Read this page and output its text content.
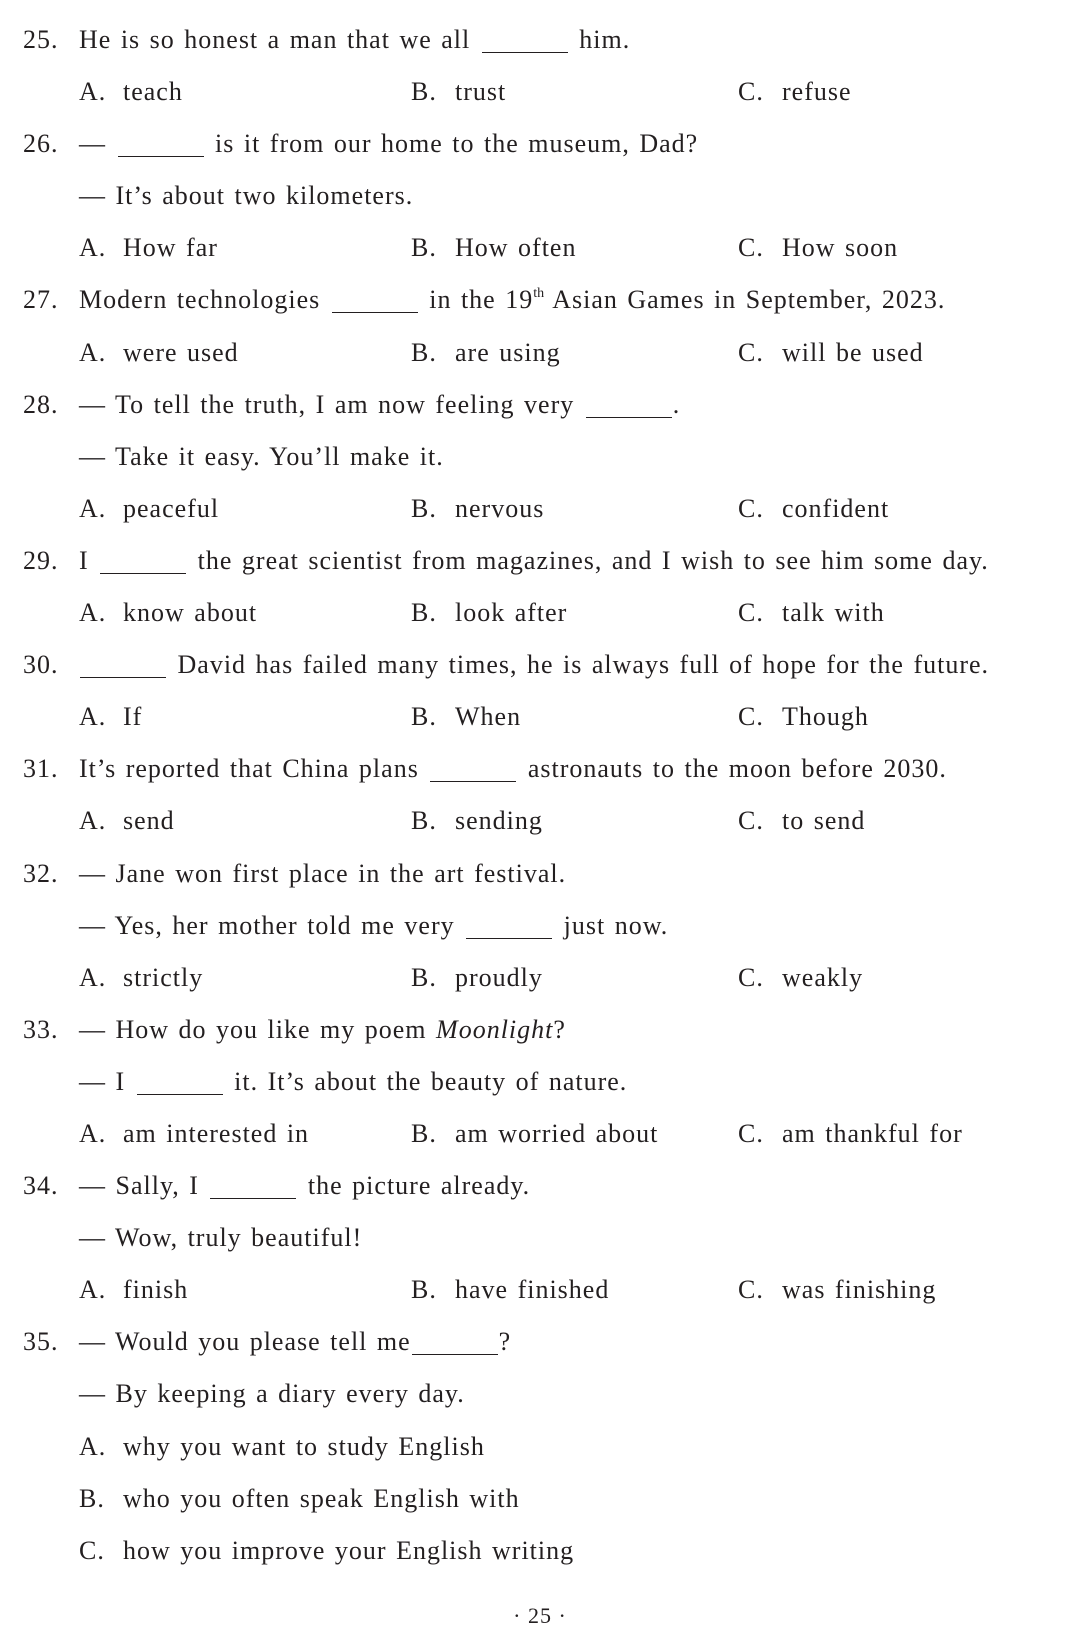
25. He is so honest a man that we all	him.
A. teach	B. trust	C. refuse
26. —	is it from our home to the museum, Dad?
— It’s about two kilometers.
A. How far	B. How often	C. How soon
27. Modern technologies	in the 19th Asian Games in September, 2023.
A. were used	B. are using	C. will be used
28. — To tell the truth, I am now feeling very	.
— Take it easy. You’ll make it.
A. peaceful	B. nervous	C. confident
29. I	the great scientist from magazines, and I wish to see him some day.
A. know about	B. look after	C. talk with
30.	David has failed many times, he is always full of hope for the future.
A. If	B. When	C. Though
31. It’s reported that China plans	astronauts to the moon before 2030.
A. send	B. sending	C. to send
32. — Jane won first place in the art festival.
— Yes, her mother told me very	just now.
A. strictly	B. proudly	C. weakly
33. — How do you like my poem Moonlight?
— I	it. It’s about the beauty of nature.
A. am interested in	B. am worried about	C. am thankful for
34. — Sally, I	the picture already.
— Wow, truly beautiful!
A. finish	B. have finished	C. was finishing
35. — Would you please tell me	?
— By keeping a diary every day.
A. why you want to study English
B. who you often speak English with
C. how you improve your English writing
· 25 ·
